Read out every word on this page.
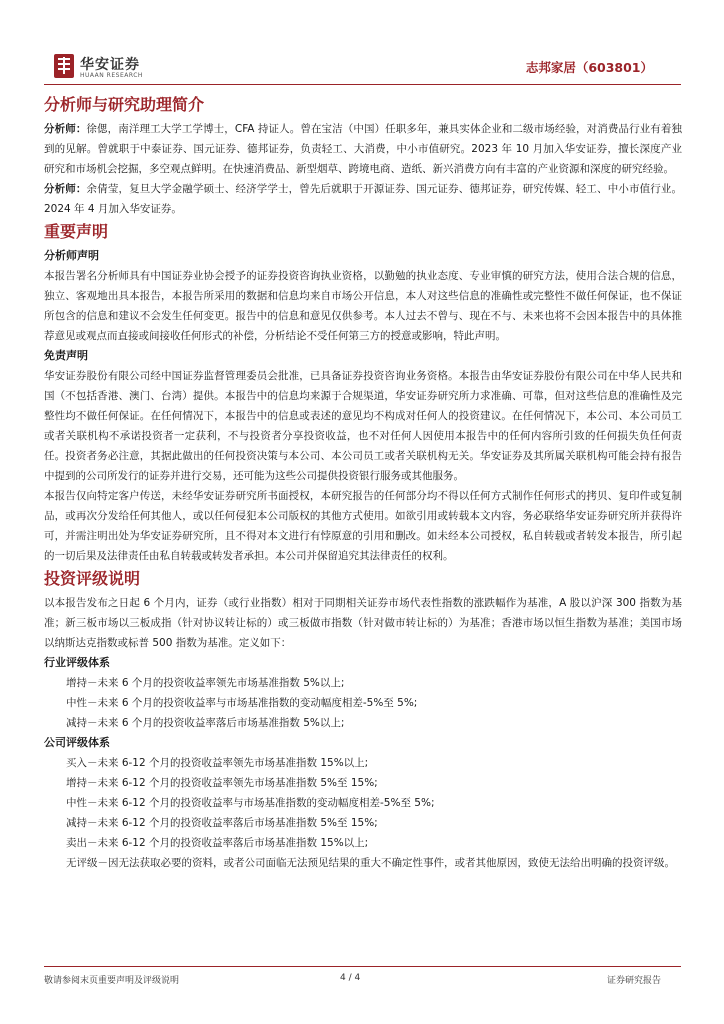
华安证券
HUAAN RESEARCH
志邦家居（603801）
分析师与研究助理简介
分析师：徐偲，南洋理工大学工学博士，CFA 持证人。曾在宝洁（中国）任职多年，兼具实体企业和二级市场经验，对消费品行业有着独到的见解。曾就职于中泰证券、国元证券、德邦证券，负责轻工、大消费，中小市值研究。2023 年 10 月加入华安证券，擅长深度产业研究和市场机会挖掘，多空观点鲜明。在快速消费品、新型烟草、跨境电商、造纸、新兴消费方向有丰富的产业资源和深度的研究经验。
分析师：余倩莹，复旦大学金融学硕士、经济学学士，曾先后就职于开源证券、国元证券、德邦证券，研究传媒、轻工、中小市值行业。2024 年 4 月加入华安证券。
重要声明
分析师声明
本报告署名分析师具有中国证券业协会授予的证券投资咨询执业资格，以勤勉的执业态度、专业审慎的研究方法，使用合法合规的信息，独立、客观地出具本报告，本报告所采用的数据和信息均来自市场公开信息，本人对这些信息的准确性或完整性不做任何保证，也不保证所包含的信息和建议不会发生任何变更。报告中的信息和意见仅供参考。本人过去不曾与、现在不与、未来也将不会因本报告中的具体推荐意见或观点而直接或间接收任何形式的补偿，分析结论不受任何第三方的授意或影响，特此声明。
免责声明
华安证券股份有限公司经中国证券监督管理委员会批准，已具备证券投资咨询业务资格。本报告由华安证券股份有限公司在中华人民共和国（不包括香港、澳门、台湾）提供。本报告中的信息均来源于合规渠道，华安证券研究所力求准确、可靠，但对这些信息的准确性及完整性均不做任何保证。在任何情况下，本报告中的信息或表述的意见均不构成对任何人的投资建议。在任何情况下，本公司、本公司员工或者关联机构不承诺投资者一定获利，不与投资者分享投资收益，也不对任何人因使用本报告中的任何内容所引致的任何损失负任何责任。投资者务必注意，其据此做出的任何投资决策与本公司、本公司员工或者关联机构无关。华安证券及其所属关联机构可能会持有报告中提到的公司所发行的证券并进行交易，还可能为这些公司提供投资银行服务或其他服务。
本报告仅向特定客户传送，未经华安证券研究所书面授权，本研究报告的任何部分均不得以任何方式制作任何形式的拷贝、复印件或复制品，或再次分发给任何其他人，或以任何侵犯本公司版权的其他方式使用。如欲引用或转载本文内容，务必联络华安证券研究所并获得许可，并需注明出处为华安证券研究所，且不得对本文进行有悖原意的引用和删改。如未经本公司授权，私自转载或者转发本报告，所引起的一切后果及法律责任由私自转载或转发者承担。本公司并保留追究其法律责任的权利。
投资评级说明
以本报告发布之日起 6 个月内，证券（或行业指数）相对于同期相关证券市场代表性指数的涨跌幅作为基准，A 股以沪深 300 指数为基准；新三板市场以三板成指（针对协议转让标的）或三板做市指数（针对做市转让标的）为基准；香港市场以恒生指数为基准；美国市场以纳斯达克指数或标普 500 指数为基准。定义如下：
行业评级体系
增持－未来 6 个月的投资收益率领先市场基准指数 5%以上;
中性－未来 6 个月的投资收益率与市场基准指数的变动幅度相差-5%至 5%;
减持－未来 6 个月的投资收益率落后市场基准指数 5%以上;
公司评级体系
买入－未来 6-12 个月的投资收益率领先市场基准指数 15%以上;
增持－未来 6-12 个月的投资收益率领先市场基准指数 5%至 15%;
中性－未来 6-12 个月的投资收益率与市场基准指数的变动幅度相差-5%至 5%;
减持－未来 6-12 个月的投资收益率落后市场基准指数 5%至 15%;
卖出－未来 6-12 个月的投资收益率落后市场基准指数 15%以上;
无评级－因无法获取必要的资料，或者公司面临无法预见结果的重大不确定性事件，或者其他原因，致使无法给出明确的投资评级。
敬请参阅末页重要声明及评级说明	4 / 4	证券研究报告
